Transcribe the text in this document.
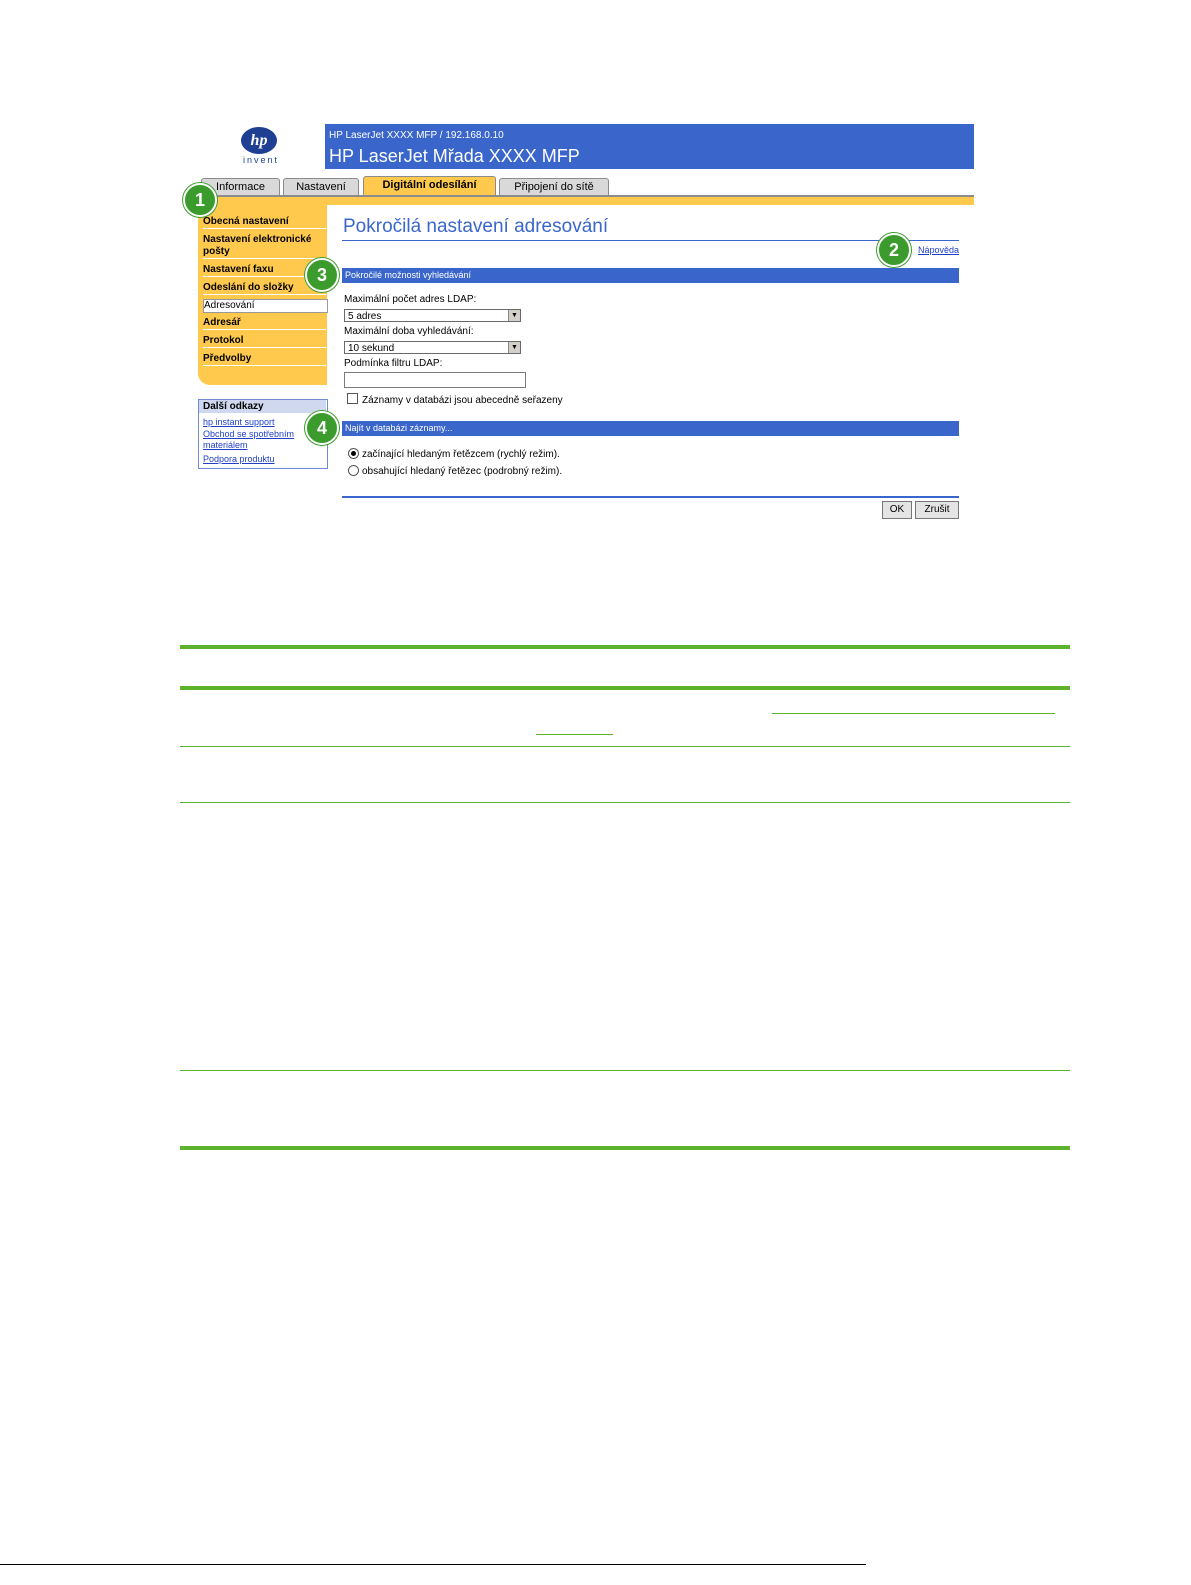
hp
invent
HP LaserJet XXXX MFP / 192.168.0.10
HP LaserJet Mřada XXXX MFP
Informace	Nastavení	Digitální odesílání	Připojení do sítě
Obecná nastavení
Nastavení elektronické pošty
Nastavení faxu
Odeslání do složky
Adresování
Adresář
Protokol
Předvolby
Další odkazy
hp instant support
Obchod se spotřebním materiálem
Podpora produktu
Pokročilá nastavení adresování
Nápověda
Pokročilé možnosti vyhledávání
Maximální počet adres LDAP:
5 adres	▼
Maximální doba vyhledávání:
10 sekund	▼
Podmínka filtru LDAP:
Záznamy v databázi jsou abecedně seřazeny
Najít v databázi záznamy...
začínající hledaným řetězcem (rychlý režim).
obsahující hledaný řetězec (podrobný režim).
OK	Zrušit
1
2
3
4
